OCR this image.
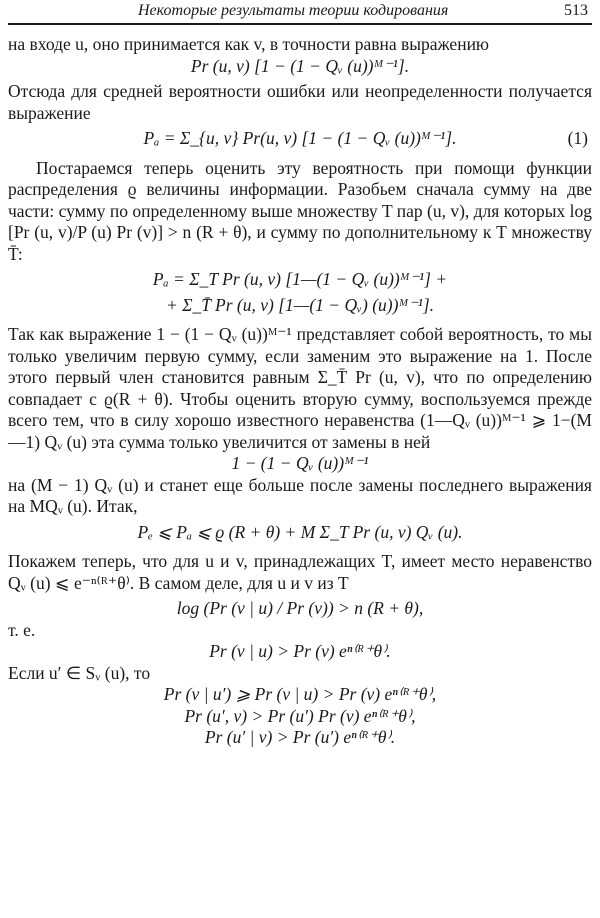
Некоторые результаты теории кодирования	513

на входе u, оно принимается как v, в точности равна выражению

Pr (u, v) [1 − (1 − Qᵥ (u))ᴹ⁻¹].

Отсюда для средней вероятности ошибки или неопределенности получается выражение

Pₐ = Σ_{u, v} Pr(u, v) [1 − (1 − Qᵥ (u))ᴹ⁻¹].	(1)

Постараемся теперь оценить эту вероятность при помощи функции распределения ϱ величины информации. Разобьем сначала сумму на две части: сумму по определенному выше множеству T пар (u, v), для которых log [Pr (u, v)/P (u) Pr (v)] > n (R + θ), и сумму по дополнительному к T множеству T̄:

Pₐ = Σ_T Pr (u, v) [1—(1 − Qᵥ (u))ᴹ⁻¹] +

+ Σ_T̄ Pr (u, v) [1—(1 − Qᵥ) (u))ᴹ⁻¹].

Так как выражение 1 − (1 − Qᵥ (u))ᴹ⁻¹ представляет собой вероятность, то мы только увеличим первую сумму, если заменим это выражение на 1. После этого первый член становится равным Σ_T̄ Pr (u, v), что по определению совпадает с ϱ(R + θ). Чтобы оценить вторую сумму, воспользуемся прежде всего тем, что в силу хорошо известного неравенства (1—Qᵥ (u))ᴹ⁻¹ ⩾ 1−(M—1) Qᵥ (u) эта сумма только увеличится от замены в ней

1 − (1 − Qᵥ (u))ᴹ⁻¹

на (M − 1) Qᵥ (u) и станет еще больше после замены последнего выражения на MQᵥ (u). Итак,

Pₑ ⩽ Pₐ ⩽ ϱ (R + θ) + M Σ_T Pr (u, v) Qᵥ (u).

Покажем теперь, что для u и v, принадлежащих T, имеет место неравенство Qᵥ (u) ⩽ e⁻ⁿ⁽ᴿ⁺θ⁾. В самом деле, для u и v из T

log (Pr (v | u) / Pr (v)) > n (R + θ),

т. е.

Pr (v | u) > Pr (v) eⁿ⁽ᴿ⁺θ⁾.

Если u′ ∈ Sᵥ (u), то

Pr (v | u′) ⩾ Pr (v | u) > Pr (v) eⁿ⁽ᴿ⁺θ⁾,

Pr (u′, v) > Pr (u′) Pr (v) eⁿ⁽ᴿ⁺θ⁾,

Pr (u′ | v) > Pr (u′) eⁿ⁽ᴿ⁺θ⁾.
